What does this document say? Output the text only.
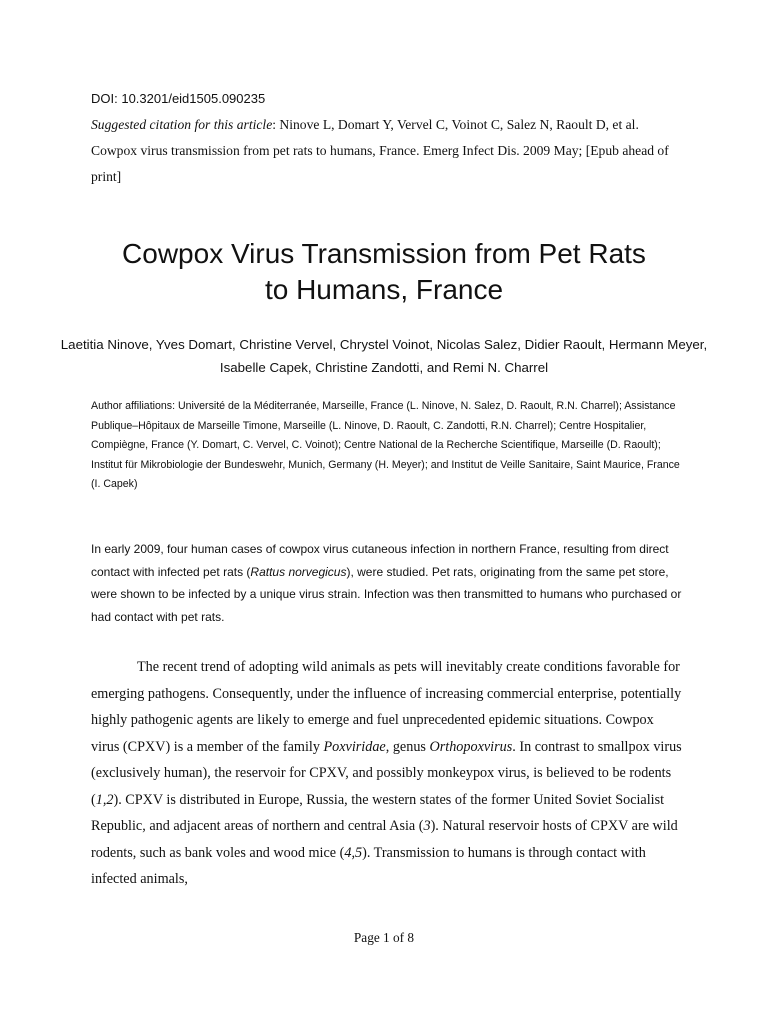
DOI: 10.3201/eid1505.090235
Suggested citation for this article: Ninove L, Domart Y, Vervel C, Voinot C, Salez N, Raoult D, et al. Cowpox virus transmission from pet rats to humans, France. Emerg Infect Dis. 2009 May; [Epub ahead of print]
Cowpox Virus Transmission from Pet Rats
to Humans, France
Laetitia Ninove, Yves Domart, Christine Vervel, Chrystel Voinot, Nicolas Salez, Didier Raoult, Hermann Meyer, Isabelle Capek, Christine Zandotti, and Remi N. Charrel
Author affiliations: Université de la Méditerranée, Marseille, France (L. Ninove, N. Salez, D. Raoult, R.N. Charrel); Assistance Publique–Hôpitaux de Marseille Timone, Marseille (L. Ninove, D. Raoult, C. Zandotti, R.N. Charrel); Centre Hospitalier, Compiègne, France (Y. Domart, C. Vervel, C. Voinot); Centre National de la Recherche Scientifique, Marseille (D. Raoult); Institut für Mikrobiologie der Bundeswehr, Munich, Germany (H. Meyer); and Institut de Veille Sanitaire, Saint Maurice, France (I. Capek)
In early 2009, four human cases of cowpox virus cutaneous infection in northern France, resulting from direct contact with infected pet rats (Rattus norvegicus), were studied. Pet rats, originating from the same pet store, were shown to be infected by a unique virus strain. Infection was then transmitted to humans who purchased or had contact with pet rats.
The recent trend of adopting wild animals as pets will inevitably create conditions favorable for emerging pathogens. Consequently, under the influence of increasing commercial enterprise, potentially highly pathogenic agents are likely to emerge and fuel unprecedented epidemic situations. Cowpox virus (CPXV) is a member of the family Poxviridae, genus Orthopoxvirus. In contrast to smallpox virus (exclusively human), the reservoir for CPXV, and possibly monkeypox virus, is believed to be rodents (1,2). CPXV is distributed in Europe, Russia, the western states of the former United Soviet Socialist Republic, and adjacent areas of northern and central Asia (3). Natural reservoir hosts of CPXV are wild rodents, such as bank voles and wood mice (4,5). Transmission to humans is through contact with infected animals,
Page 1 of 8
